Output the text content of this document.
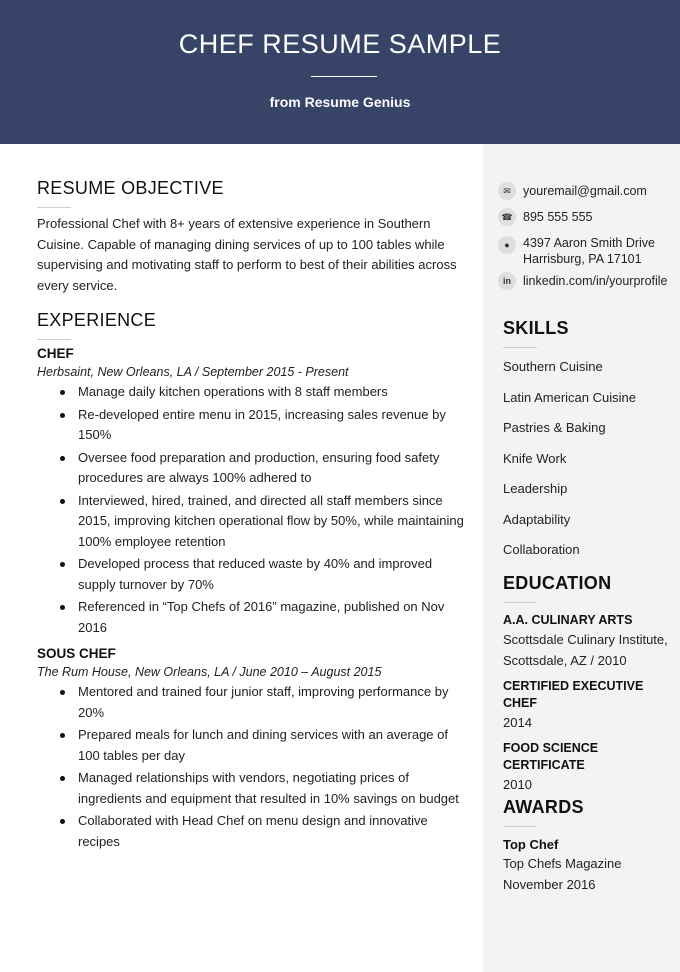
CHEF RESUME SAMPLE
from Resume Genius
RESUME OBJECTIVE

Professional Chef with 8+ years of extensive experience in Southern Cuisine. Capable of managing dining services of up to 100 tables while supervising and motivating staff to perform to best of their abilities across every service.

EXPERIENCE
CHEF
Herbsaint, New Orleans, LA / September 2015 - Present
Manage daily kitchen operations with 8 staff members
Re-developed entire menu in 2015, increasing sales revenue by 150%
Oversee food preparation and production, ensuring food safety procedures are always 100% adhered to
Interviewed, hired, trained, and directed all staff members since 2015, improving kitchen operational flow by 50%, while maintaining 100% employee retention
Developed process that reduced waste by 40% and improved supply turnover by 70%
Referenced in “Top Chefs of 2016” magazine, published on Nov 2016
SOUS CHEF
The Rum House, New Orleans, LA / June 2010 – August 2015
Mentored and trained four junior staff, improving performance by 20%
Prepared meals for lunch and dining services with an average of 100 tables per day
Managed relationships with vendors, negotiating prices of ingredients and equipment that resulted in 10% savings on budget
Collaborated with Head Chef on menu design and innovative recipes
✉ youremail@gmail.com
☎ 895 555 555
●	4397 Aaron Smith Drive
Harrisburg, PA 17101
in linkedin.com/in/yourprofile
SKILLS
Southern Cuisine
Latin American Cuisine
Pastries & Baking
Knife Work
Leadership
Adaptability
Collaboration
EDUCATION
A.A. CULINARY ARTS
Scottsdale Culinary Institute,
Scottsdale, AZ / 2010
CERTIFIED EXECUTIVE CHEF
2014
FOOD SCIENCE
CERTIFICATE
2010
AWARDS
Top Chef
Top Chefs Magazine
November 2016
